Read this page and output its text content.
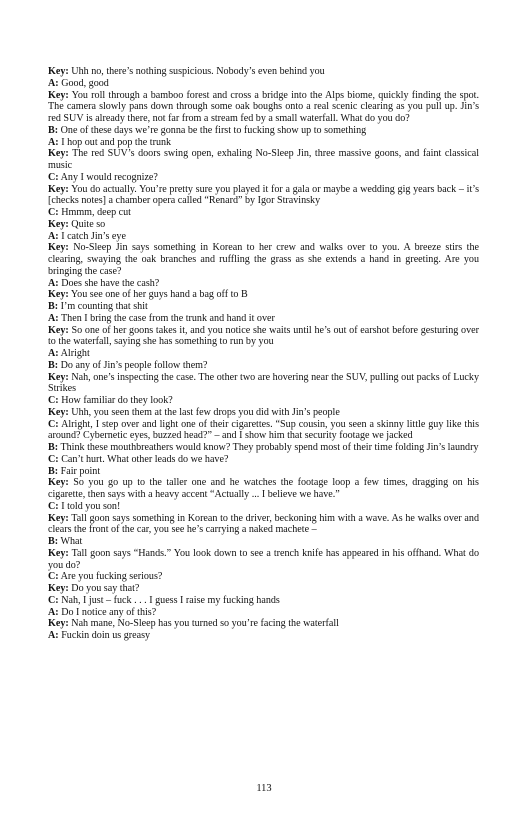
Key: Uhh no, there’s nothing suspicious. Nobody’s even behind you

A: Good, good

Key: You roll through a bamboo forest and cross a bridge into the Alps biome, quickly finding the spot. The camera slowly pans down through some oak boughs onto a real scenic clearing as you pull up. Jin’s red SUV is already there, not far from a stream fed by a small waterfall. What do you do?

B: One of these days we’re gonna be the first to fucking show up to something

A: I hop out and pop the trunk

Key: The red SUV’s doors swing open, exhaling No-Sleep Jin, three massive goons, and faint classical music

C: Any I would recognize?

Key: You do actually. You’re pretty sure you played it for a gala or maybe a wedding gig years back – it’s [checks notes] a chamber opera called “Renard” by Igor Stravinsky

C: Hmmm, deep cut

Key: Quite so

A: I catch Jin’s eye

Key: No-Sleep Jin says something in Korean to her crew and walks over to you. A breeze stirs the clearing, swaying the oak branches and ruffling the grass as she extends a hand in greeting. Are you bringing the case?

A: Does she have the cash?

Key: You see one of her guys hand a bag off to B

B: I’m counting that shit

A: Then I bring the case from the trunk and hand it over

Key: So one of her goons takes it, and you notice she waits until he’s out of earshot before gesturing over to the waterfall, saying she has something to run by you

A: Alright

B: Do any of Jin’s people follow them?

Key: Nah, one’s inspecting the case. The other two are hovering near the SUV, pulling out packs of Lucky Strikes

C: How familiar do they look?

Key: Uhh, you seen them at the last few drops you did with Jin’s people

C: Alright, I step over and light one of their cigarettes. “Sup cousin, you seen a skinny little guy like this around? Cybernetic eyes, buzzed head?” – and I show him that security footage we jacked

B: Think these mouthbreathers would know? They probably spend most of their time folding Jin’s laundry

C: Can’t hurt. What other leads do we have?

B: Fair point

Key: So you go up to the taller one and he watches the footage loop a few times, dragging on his cigarette, then says with a heavy accent “Actually ... I believe we have.”

C: I told you son!

Key: Tall goon says something in Korean to the driver, beckoning him with a wave. As he walks over and clears the front of the car, you see he’s carrying a naked machete –

B: What

Key: Tall goon says “Hands.” You look down to see a trench knife has appeared in his offhand. What do you do?

C: Are you fucking serious?

Key: Do you say that?

C: Nah, I just – fuck . . . I guess I raise my fucking hands

A: Do I notice any of this?

Key: Nah mane, No-Sleep has you turned so you’re facing the waterfall

A: Fuckin doin us greasy

113
